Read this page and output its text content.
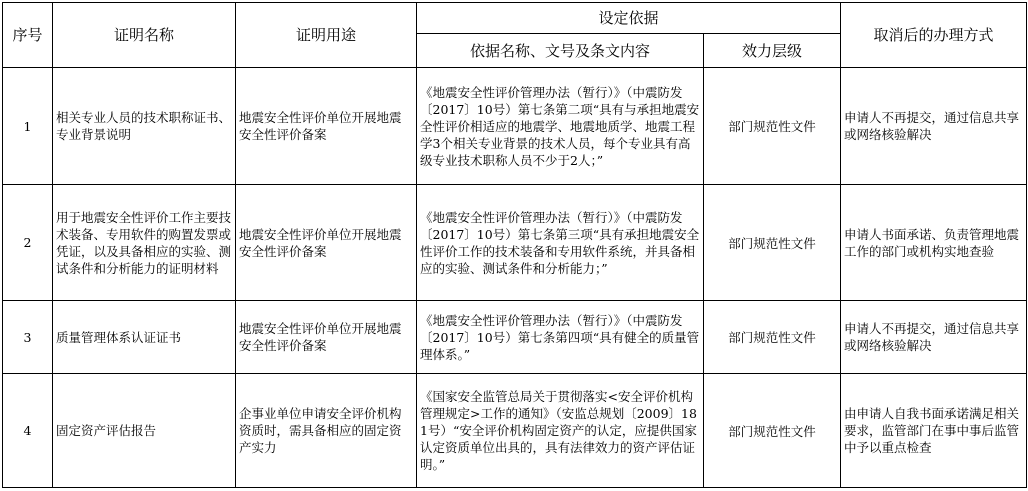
序号	证明名称	证明用途	设定依据		取消后的办理方式
			依据名称、文号及条文内容	效力层级	
1	相关专业人员的技术职称证书、专业背景说明	地震安全性评价单位开展地震安全性评价备案	《地震安全性评价管理办法（暂行）》（中震防发〔2017〕10号）第七条第二项“具有与承担地震安全性评价相适应的地震学、地震地质学、地震工程学3个相关专业背景的技术人员，每个专业具有高级专业技术职称人员不少于2人；”	部门规范性文件	申请人不再提交，通过信息共享或网络核验解决
2	用于地震安全性评价工作主要技术装备、专用软件的购置发票或凭证，以及具备相应的实验、测试条件和分析能力的证明材料	地震安全性评价单位开展地震安全性评价备案	《地震安全性评价管理办法（暂行）》（中震防发〔2017〕10号）第七条第三项“具有承担地震安全性评价工作的技术装备和专用软件系统，并具备相应的实验、测试条件和分析能力；”	部门规范性文件	申请人书面承诺、负责管理地震工作的部门或机构实地查验
3	质量管理体系认证证书	地震安全性评价单位开展地震安全性评价备案	《地震安全性评价管理办法（暂行）》（中震防发〔2017〕10号）第七条第四项“具有健全的质量管理体系。”	部门规范性文件	申请人不再提交，通过信息共享或网络核验解决
4	固定资产评估报告	企事业单位申请安全评价机构资质时，需具备相应的固定资产实力	《国家安全监管总局关于贯彻落实<安全评价机构管理规定>工作的通知》（安监总规划〔2009〕181号）“安全评价机构固定资产的认定，应提供国家认定资质单位出具的，具有法律效力的资产评估证明。”	部门规范性文件	由申请人自我书面承诺满足相关要求，监管部门在事中事后监管中予以重点检查
